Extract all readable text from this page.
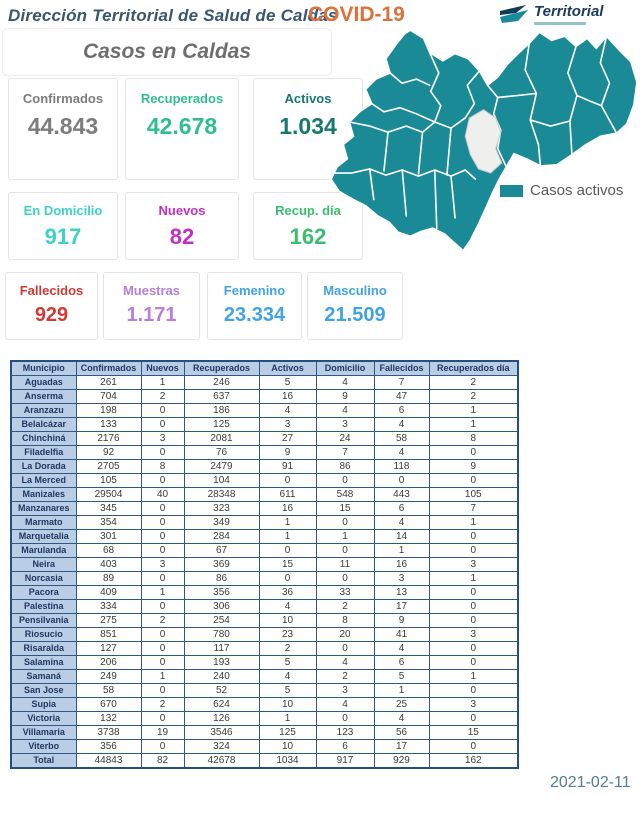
Dirección Territorial de Salud de Caldas
COVID-19	Territorial
Casos en Caldas
Confirmados
44.843
Recuperados
42.678
Activos
1.034
En Domicilio
917
Nuevos
82
Recup. día
162
Fallecidos
929
Muestras
1.171
Femenino
23.334
Masculino
21.509
Casos activos
Municipio	Confirmados	Nuevos	Recuperados	Activos	Domicilio	Fallecidos	Recuperados día
Aguadas	261	1	246	5	4	7	2
Anserma	704	2	637	16	9	47	2
Aranzazu	198	0	186	4	4	6	1
Belalcázar	133	0	125	3	3	4	1
Chinchiná	2176	3	2081	27	24	58	8
Filadelfia	92	0	76	9	7	4	0
La Dorada	2705	8	2479	91	86	118	9
La Merced	105	0	104	0	0	0	0
Manizales	29504	40	28348	611	548	443	105
Manzanares	345	0	323	16	15	6	7
Marmato	354	0	349	1	0	4	1
Marquetalia	301	0	284	1	1	14	0
Marulanda	68	0	67	0	0	1	0
Neira	403	3	369	15	11	16	3
Norcasia	89	0	86	0	0	3	1
Pacora	409	1	356	36	33	13	0
Palestina	334	0	306	4	2	17	0
Pensilvania	275	2	254	10	8	9	0
Riosucio	851	0	780	23	20	41	3
Risaralda	127	0	117	2	0	4	0
Salamina	206	0	193	5	4	6	0
Samaná	249	1	240	4	2	5	1
San Jose	58	0	52	5	3	1	0
Supia	670	2	624	10	4	25	3
Victoria	132	0	126	1	0	4	0
Villamaria	3738	19	3546	125	123	56	15
Viterbo	356	0	324	10	6	17	0
Total	44843	82	42678	1034	917	929	162
2021-02-11
